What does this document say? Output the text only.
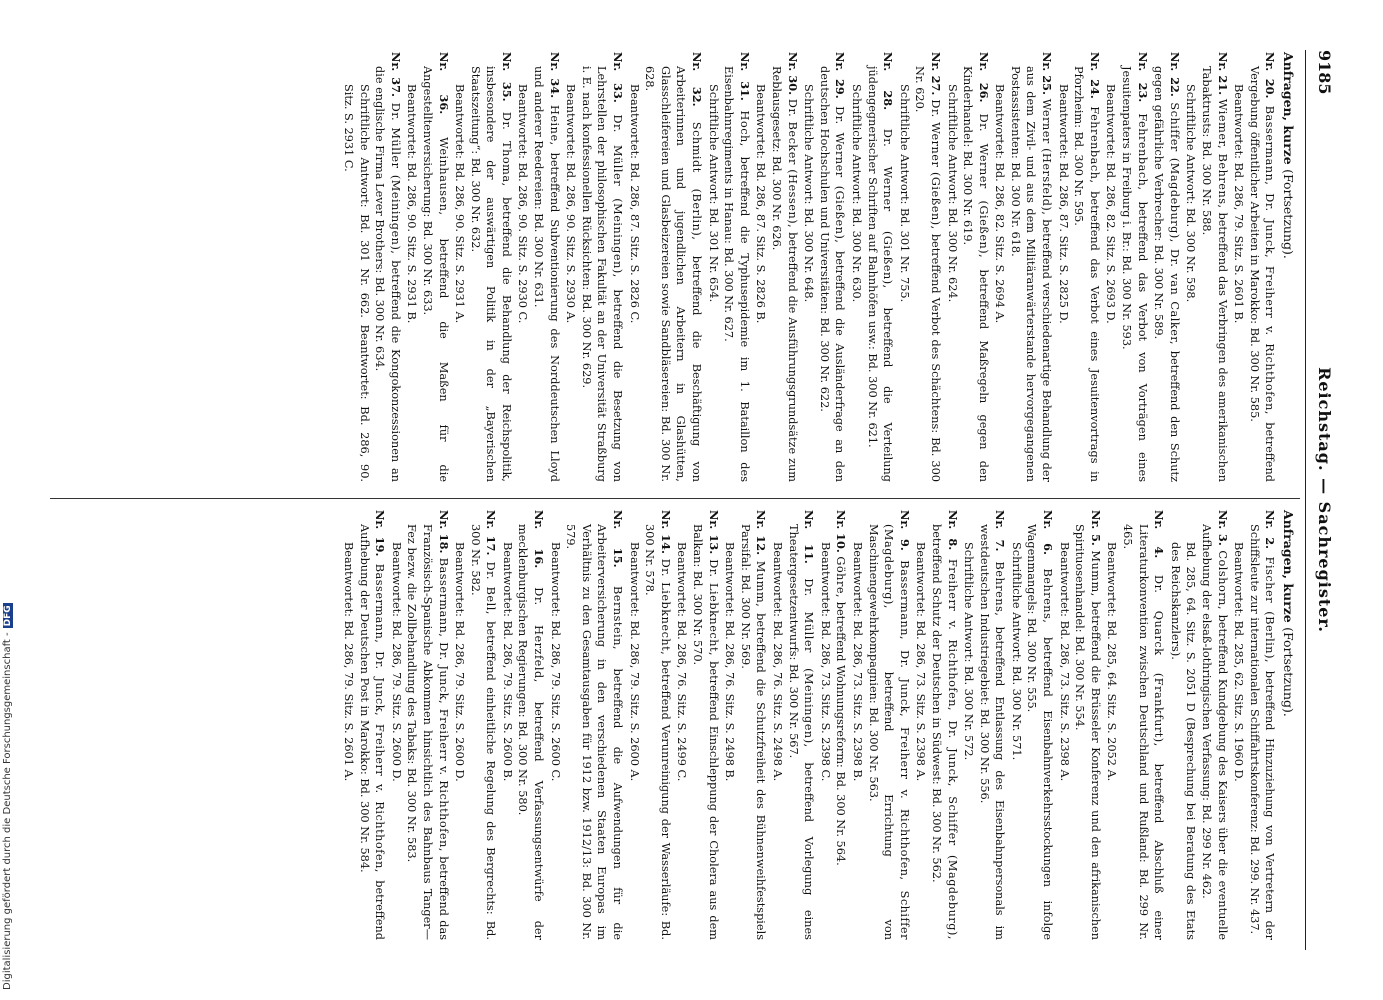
9185
Reichstag. — Sachregister.
Anfragen, kurze (Fortsetzung).
Nr. 20. Bassermann, Dr. Junck, Freiherr v. Richthofen, betreffend Vergebung öffentlicher Arbeiten in Marokko: Bd. 300 Nr. 585.
Beantwortet: Bd. 286, 79. Sitz. S. 2601 B.
Nr. 21. Wiemer, Behrens, betreffend das Verbringen des amerikanischen Tabaktrusts: Bd. 300 Nr. 588.
Schriftliche Antwort: Bd. 300 Nr. 598.
Nr. 22. Schiffer (Magdeburg), Dr. van Calker, betreffend den Schutz gegen gefährliche Verbrecher: Bd. 300 Nr. 589.
Nr. 23. Fehrenbach, betreffend das Verbot von Vorträgen eines Jesuitenpaters in Freiburg i. Br.: Bd. 300 Nr. 593.
Beantwortet: Bd. 286, 82. Sitz. S. 2693 D.
Nr. 24. Fehrenbach, betreffend das Verbot eines Jesuitenvortrags in Pforzheim: Bd. 300 Nr. 595.
Beantwortet: Bd. 286, 87. Sitz. S. 2825 D.
Nr. 25. Werner (Hersfeld), betreffend verschiedenartige Behandlung der aus dem Zivil- und aus dem Militäranwärterstande hervorgegangenen Postassistenten: Bd. 300 Nr. 618.
Beantwortet: Bd. 286, 82. Sitz. S. 2694 A.
Nr. 26. Dr. Werner (Gießen), betreffend Maßregeln gegen den Kinderhandel: Bd. 300 Nr. 619.
Schriftliche Antwort: Bd. 300 Nr. 624.
Nr. 27. Dr. Werner (Gießen), betreffend Verbot des Schächtens: Bd. 300 Nr. 620.
Schriftliche Antwort: Bd. 301 Nr. 755.
Nr. 28. Dr. Werner (Gießen), betreffend die Verteilung jüdengegnerischer Schriften auf Bahnhöfen usw.: Bd. 300 Nr. 621.
Schriftliche Antwort: Bd. 300 Nr. 630.
Nr. 29. Dr. Werner (Gießen), betreffend die Ausländerfrage an den deutschen Hochschulen und Universitäten: Bd. 300 Nr. 622.
Schriftliche Antwort: Bd. 300 Nr. 648.
Nr. 30. Dr. Becker (Hessen), betreffend die Ausführungsgrundsätze zum Reblausgesetz: Bd. 300 Nr. 626.
Beantwortet: Bd. 286, 87. Sitz. S. 2826 B.
Nr. 31. Hoch, betreffend die Typhusepidemie im 1. Bataillon des Eisenbahnregiments in Hanau: Bd. 300 Nr. 627.
Schriftliche Antwort: Bd. 301 Nr. 654.
Nr. 32. Schmidt (Berlin), betreffend die Beschäftigung von Arbeiterinnen und jugendlichen Arbeitern in Glashütten, Glasschleifereien und Glasbeizereien sowie Sandbläsereien: Bd. 300 Nr. 628.
Beantwortet: Bd. 286, 87. Sitz. S. 2826 C.
Nr. 33. Dr. Müller (Meiningen), betreffend die Besetzung von Lehrstellen der philosophischen Fakultät an der Universität Straßburg i. E. nach konfessionellen Rücksichten: Bd. 300 Nr. 629.
Beantwortet: Bd. 286, 90. Sitz. S. 2930 A.
Nr. 34. Heine, betreffend Subventionierung des Norddeutschen Lloyd und anderer Reedereien: Bd. 300 Nr. 631.
Beantwortet: Bd. 286, 90. Sitz. S. 2930 C.
Nr. 35. Dr. Thoma, betreffend die Behandlung der Reichspolitik, insbesondere der auswärtigen Politik in der „Bayerischen Staatszeitung“: Bd. 300 Nr. 632.
Beantwortet: Bd. 286, 90. Sitz. S. 2931 A.
Nr. 36. Weinhausen, betreffend die Maßen für die Angestelltenversicherung: Bd. 300 Nr. 633.
Beantwortet: Bd. 286, 90. Sitz. S. 2931 B.
Nr. 37. Dr. Müller (Meiningen), betreffend die Kongokonzessionen an die englische Firma Lever Brothers: Bd. 300 Nr. 634.
Schriftliche Antwort: Bd. 301 Nr. 662. Beantwortet: Bd. 286, 90. Sitz. S. 2931 C.
Anfragen, kurze (Fortsetzung).
Nr. 2. Fischer (Berlin), betreffend Hinzuziehung von Vertretern der Schiffsleute zur internationalen Schiffahrtskonferenz: Bd. 299. Nr. 437.
Beantwortet: Bd. 285, 62. Sitz. S. 1960 D.
Nr. 3. Colshorn, betreffend Kundgebung des Kaisers über die eventuelle Aufhebung der elsaß-lothringischen Verfassung: Bd. 299 Nr. 462.
Bd. 285, 64. Sitz. S. 2051 D (Besprechung bei Beratung des Etats des Reichskanzlers).
Nr. 4. Dr. Quarck (Frankfurt), betreffend Abschluß einer Literaturkonvention zwischen Deutschland und Rußland: Bd. 299 Nr. 465.
Beantwortet: Bd. 285, 64. Sitz. S. 2052 A.
Nr. 5. Mumm, betreffend die Brüsseler Konferenz und den afrikanischen Spirituosenhandel: Bd. 300 Nr. 554.
Beantwortet: Bd. 286, 73. Sitz. S. 2398 A.
Nr. 6. Behrens, betreffend Eisenbahnverkehrsstockungen infolge Wagenmangels: Bd. 300 Nr. 555.
Schriftliche Antwort: Bd. 300 Nr. 571.
Nr. 7. Behrens, betreffend Entlassung des Eisenbahnpersonals im westdeutschen Industriegebiet: Bd. 300 Nr. 556.
Schriftliche Antwort: Bd. 300 Nr. 572.
Nr. 8. Freiherr v. Richthofen, Dr. Junck, Schiffer (Magdeburg), betreffend Schutz der Deutschen in Südwest: Bd. 300 Nr. 562.
Beantwortet: Bd. 286, 73. Sitz. S. 2398 A.
Nr. 9. Bassermann, Dr. Junck, Freiherr v. Richthofen, Schiffer (Magdeburg), betreffend Errichtung von Maschinengewehrkompagnien: Bd. 300 Nr. 563.
Beantwortet: Bd. 286, 73. Sitz. S. 2398 B.
Nr. 10. Göhre, betreffend Wohnungsreform: Bd. 300 Nr. 564.
Beantwortet: Bd. 286, 73. Sitz. S. 2398 C.
Nr. 11. Dr. Müller (Meiningen), betreffend Vorlegung eines Theatergesetzentwurfs: Bd. 300 Nr. 567.
Beantwortet: Bd. 286, 76. Sitz. S. 2498 A.
Nr. 12. Mumm, betreffend die Schutzfreiheit des Bühnenweihfestspiels Parsifal: Bd. 300 Nr. 569.
Beantwortet: Bd. 286, 76. Sitz. S. 2498 B.
Nr. 13. Dr. Liebknecht, betreffend Einschleppung der Cholera aus dem Balkan: Bd. 300 Nr. 570.
Beantwortet: Bd. 286, 76. Sitz. S. 2499 C.
Nr. 14. Dr. Liebknecht, betreffend Verunreinigung der Wasserläufe: Bd. 300 Nr. 578.
Beantwortet: Bd. 286, 79. Sitz. S. 2600 A.
Nr. 15. Bernstein, betreffend die Aufwendungen für die Arbeiterversicherung in den verschiedenen Staaten Europas im Verhältnis zu den Gesamtausgaben für 1912 bzw. 1912/13: Bd. 300 Nr. 579.
Beantwortet: Bd. 286, 79. Sitz. S. 2600 C.
Nr. 16. Dr. Herzfeld, betreffend Verfassungsentwürfe der mecklenburgischen Regierungen: Bd. 300 Nr. 580.
Beantwortet: Bd. 286, 79. Sitz. S. 2600 B.
Nr. 17. Dr. Bell, betreffend einheitliche Regelung des Bergrechts: Bd. 300 Nr. 582.
Beantwortet: Bd. 286, 79. Sitz. S. 2600 D.
Nr. 18. Bassermann, Dr. Junck, Freiherr v. Richthofen, betreffend das Französisch-Spanische Abkommen hinsichtlich des Bahnbaus Tanger—Fez bezw. die Zollbehandlung des Tabaks: Bd. 300 Nr. 583.
Beantwortet: Bd. 286, 79. Sitz. S. 2600 D.
Nr. 19. Bassermann, Dr. Junck, Freiherr v. Richthofen, betreffend Aufhebung der Deutschen Post in Marokko: Bd. 300 Nr. 584.
Beantwortet: Bd. 286, 79. Sitz. S. 2601 A.
Digitalisierung gefördert durch die Deutsche Forschungsgemeinschaft -DFG
